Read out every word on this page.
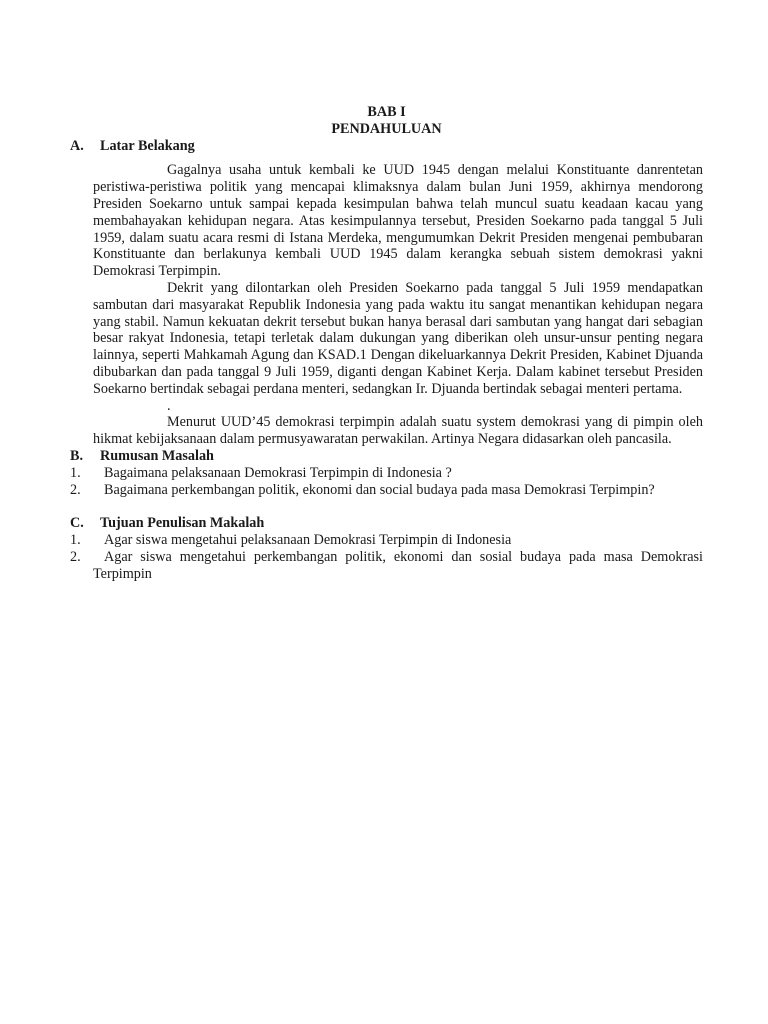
BAB I

PENDAHULUAN

A. Latar Belakang

Gagalnya usaha untuk kembali ke UUD 1945 dengan melalui Konstituante danrentetan peristiwa-peristiwa politik yang mencapai klimaksnya dalam bulan Juni 1959, akhirnya mendorong Presiden Soekarno untuk sampai kepada kesimpulan bahwa telah muncul suatu keadaan kacau yang membahayakan kehidupan negara. Atas kesimpulannya tersebut, Presiden Soekarno pada tanggal 5 Juli 1959, dalam suatu acara resmi di Istana Merdeka, mengumumkan Dekrit Presiden mengenai pembubaran Konstituante dan berlakunya kembali UUD 1945 dalam kerangka sebuah sistem demokrasi yakni Demokrasi Terpimpin.

Dekrit yang dilontarkan oleh Presiden Soekarno pada tanggal 5 Juli 1959 mendapatkan sambutan dari masyarakat Republik Indonesia yang pada waktu itu sangat menantikan kehidupan negara yang stabil. Namun kekuatan dekrit tersebut bukan hanya berasal dari sambutan yang hangat dari sebagian besar rakyat Indonesia, tetapi terletak dalam dukungan yang diberikan oleh unsur-unsur penting negara lainnya, seperti Mahkamah Agung dan KSAD.1 Dengan dikeluarkannya Dekrit Presiden, Kabinet Djuanda dibubarkan dan pada tanggal 9 Juli 1959, diganti dengan Kabinet Kerja. Dalam kabinet tersebut Presiden Soekarno bertindak sebagai perdana menteri, sedangkan Ir. Djuanda bertindak sebagai menteri pertama.

.

Menurut UUD’45 demokrasi terpimpin adalah suatu system demokrasi yang di pimpin oleh hikmat kebijaksanaan dalam permusyawaratan perwakilan. Artinya Negara didasarkan oleh pancasila.

B. Rumusan Masalah

1.	Bagaimana pelaksanaan Demokrasi Terpimpin di Indonesia ?
2.	Bagaimana perkembangan politik, ekonomi dan social budaya pada masa Demokrasi Terpimpin?

C. Tujuan Penulisan Makalah

1.	Agar siswa mengetahui pelaksanaan Demokrasi Terpimpin di Indonesia
2.	Agar siswa mengetahui perkembangan politik, ekonomi dan sosial budaya pada masa Demokrasi Terpimpin
